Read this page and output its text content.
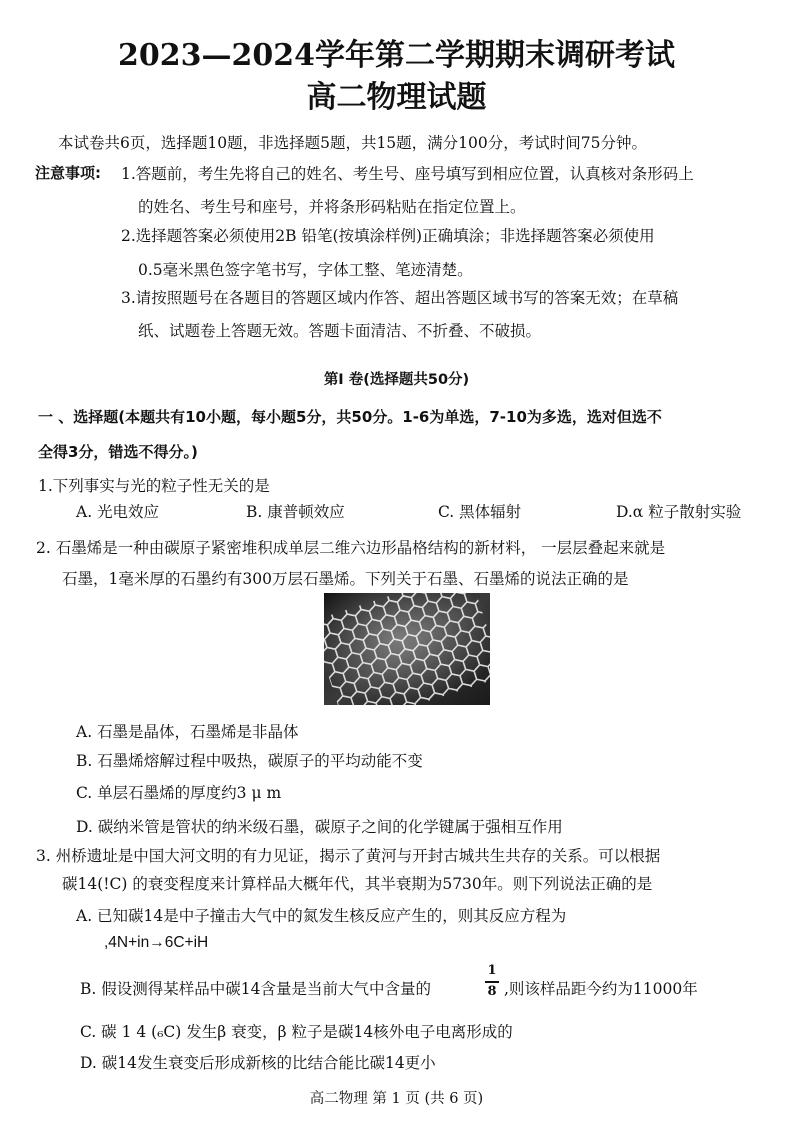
2023—2024学年第二学期期末调研考试
高二物理试题
本试卷共6页，选择题10题，非选择题5题，共15题，满分100分，考试时间75分钟。
注意事项: 1.答题前，考生先将自己的姓名、考生号、座号填写到相应位置，认真核对条形码上
的姓名、考生号和座号，并将条形码粘贴在指定位置上。
2.选择题答案必须使用2B 铅笔(按填涂样例)正确填涂；非选择题答案必须使用
0.5毫米黑色签字笔书写，字体工整、笔迹清楚。
3.请按照题号在各题目的答题区域内作答、超出答题区域书写的答案无效；在草稿
纸、试题卷上答题无效。答题卡面清洁、不折叠、不破损。
第I 卷(选择题共50分)
一 、选择题(本题共有10小题，每小题5分，共50分。1-6为单选，7-10为多选，选对但选不
全得3分，错选不得分。)
1.下列事实与光的粒子性无关的是
A. 光电效应	B. 康普顿效应	C. 黑体辐射	D.α 粒子散射实验
2. 石墨烯是一种由碳原子紧密堆积成单层二维六边形晶格结构的新材料， 一层层叠起来就是
石墨，1毫米厚的石墨约有300万层石墨烯。下列关于石墨、石墨烯的说法正确的是
A. 石墨是晶体，石墨烯是非晶体
B. 石墨烯熔解过程中吸热，碳原子的平均动能不变
C. 单层石墨烯的厚度约3 μ m
D. 碳纳米管是管状的纳米级石墨，碳原子之间的化学键属于强相互作用
3. 州桥遗址是中国大河文明的有力见证，揭示了黄河与开封古城共生共存的关系。可以根据
碳14(!C) 的衰变程度来计算样品大概年代，其半衰期为5730年。则下列说法正确的是
A. 已知碳14是中子撞击大气中的氮发生核反应产生的，则其反应方程为
,4N+in→6C+iH
B. 假设测得某样品中碳14含量是当前大气中含量的
1
8 ,则该样品距今约为11000年
C. 碳 1 4 (₆C) 发生β 衰变，β 粒子是碳14核外电子电离形成的
D. 碳14发生衰变后形成新核的比结合能比碳14更小
高二物理 第 1 页 (共 6 页)
